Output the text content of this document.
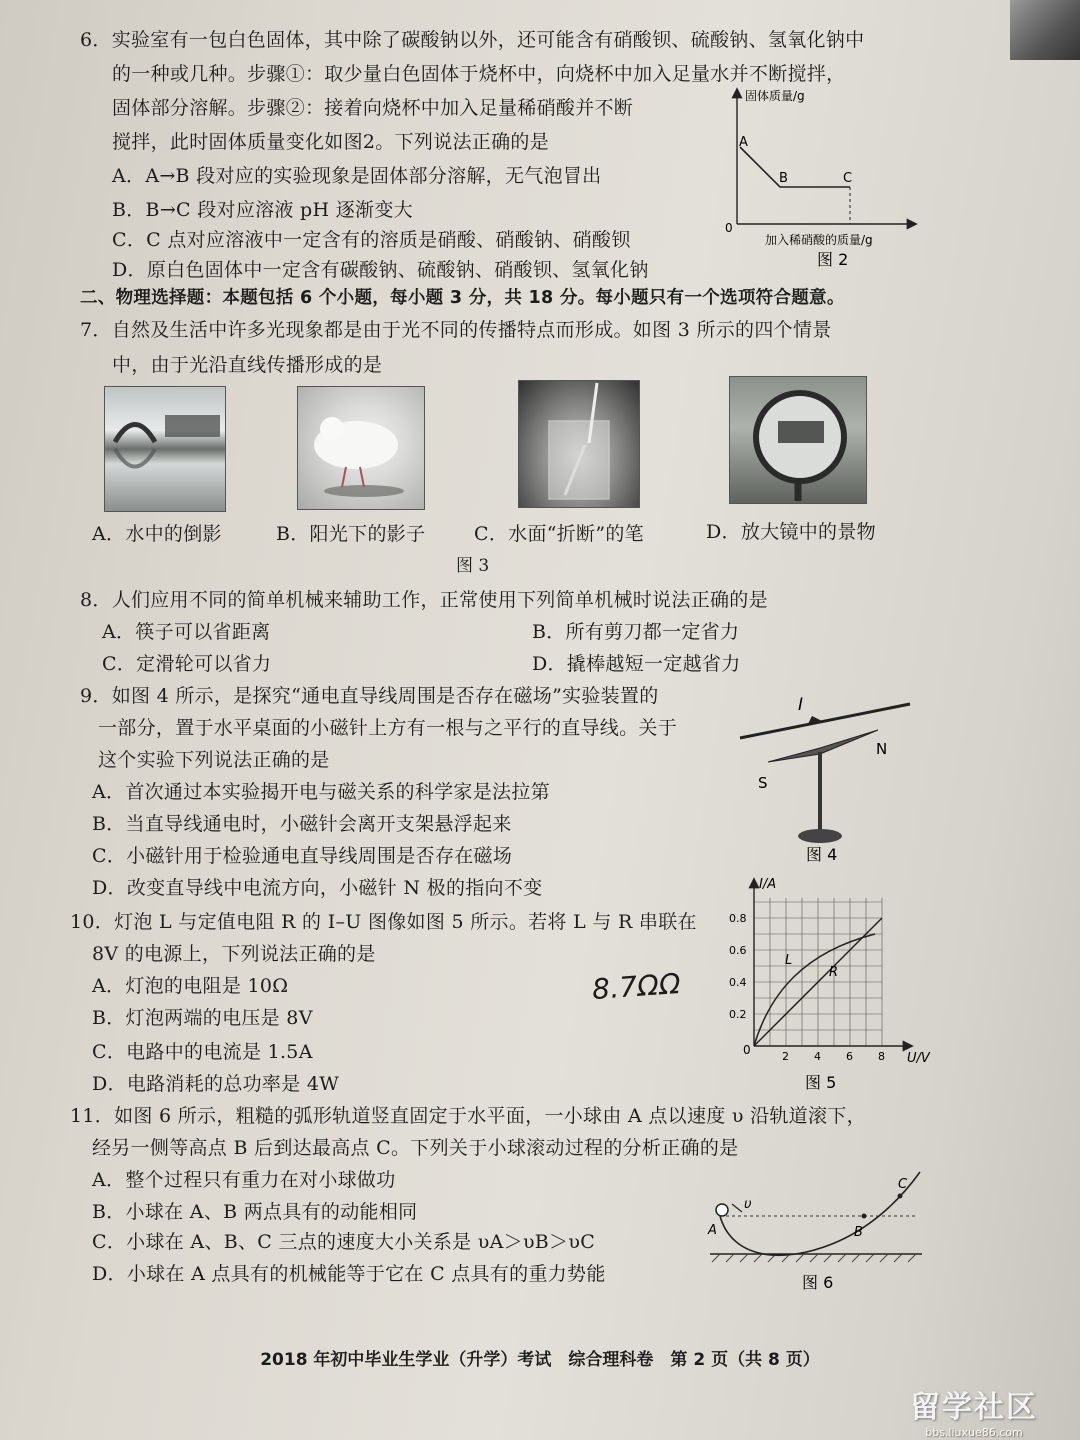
6．实验室有一包白色固体，其中除了碳酸钠以外，还可能含有硝酸钡、硫酸钠、氢氧化钠中
的一种或几种。步骤①：取少量白色固体于烧杯中，向烧杯中加入足量水并不断搅拌，
固体部分溶解。步骤②：接着向烧杯中加入足量稀硝酸并不断
搅拌，此时固体质量变化如图2。下列说法正确的是
A．A→B 段对应的实验现象是固体部分溶解，无气泡冒出
B．B→C 段对应溶液 pH 逐渐变大
C．C 点对应溶液中一定含有的溶质是硝酸、硝酸钠、硝酸钡
D．原白色固体中一定含有碳酸钠、硫酸钠、硝酸钡、氢氧化钠
固体质量/g
0
A
B	C
加入稀硝酸的质量/g
图 2
二、物理选择题：本题包括 6 个小题，每小题 3 分，共 18 分。每小题只有一个选项符合题意。
7．自然及生活中许多光现象都是由于光不同的传播特点而形成。如图 3 所示的四个情景
中，由于光沿直线传播形成的是
A．水中的倒影	B．阳光下的影子	C．水面“折断”的笔	D．放大镜中的景物
图 3
8．人们应用不同的简单机械来辅助工作，正常使用下列简单机械时说法正确的是
A．筷子可以省距离	B．所有剪刀都一定省力
C．定滑轮可以省力	D．撬棒越短一定越省力
9．如图 4 所示，是探究“通电直导线周围是否存在磁场”实验装置的
一部分，置于水平桌面的小磁针上方有一根与之平行的直导线。关于
这个实验下列说法正确的是
A．首次通过本实验揭开电与磁关系的科学家是法拉第
B．当直导线通电时，小磁针会离开支架悬浮起来
C．小磁针用于检验通电直导线周围是否存在磁场
D．改变直导线中电流方向，小磁针 N 极的指向不变
I
N
S
图 4
10．灯泡 L 与定值电阻 R 的 I–U 图像如图 5 所示。若将 L 与 R 串联在
8V 的电源上，下列说法正确的是
A．灯泡的电阻是 10Ω
B．灯泡两端的电压是 8V
C．电路中的电流是 1.5A
D．电路消耗的总功率是 4W
8.7ΩΩ
I/A
U/V
0
0.2
0.4
0.6
0.8
2 4 6 8
L
R
图 5
11．如图 6 所示，粗糙的弧形轨道竖直固定于水平面，一小球由 A 点以速度 υ 沿轨道滚下，
经另一侧等高点 B 后到达最高点 C。下列关于小球滚动过程的分析正确的是
A．整个过程只有重力在对小球做功
B．小球在 A、B 两点具有的动能相同
C．小球在 A、B、C 三点的速度大小关系是 υA＞υB＞υC
D．小球在 A 点具有的机械能等于它在 C 点具有的重力势能
υ
A	B
C
图 6
2018 年初中毕业生学业（升学）考试　综合理科卷　第 2 页（共 8 页）
留学社区
bbs.liuxue86.com
